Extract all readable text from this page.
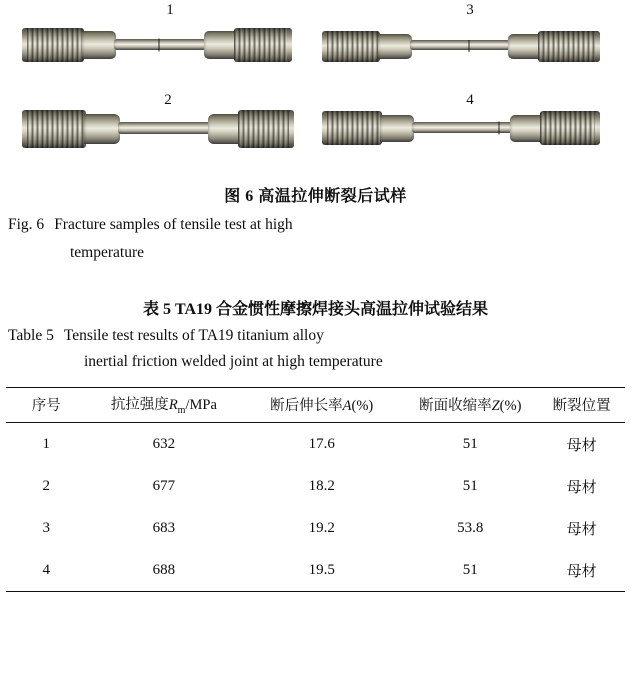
1	3
2	4
图 6 高温拉伸断裂后试样
Fig. 6 Fracture samples of tensile test at high
temperature
表 5 TA19 合金惯性摩擦焊接头高温拉伸试验结果
Table 5 Tensile test results of TA19 titanium alloy
inertial friction welded joint at high temperature
序号	抗拉强度$R_m$/MPa	断后伸长率A(%)	断面收缩率Z(%)	断裂位置
1	632	17.6	51	母材
2	677	18.2	51	母材
3	683	19.2	53.8	母材
4	688	19.5	51	母材
